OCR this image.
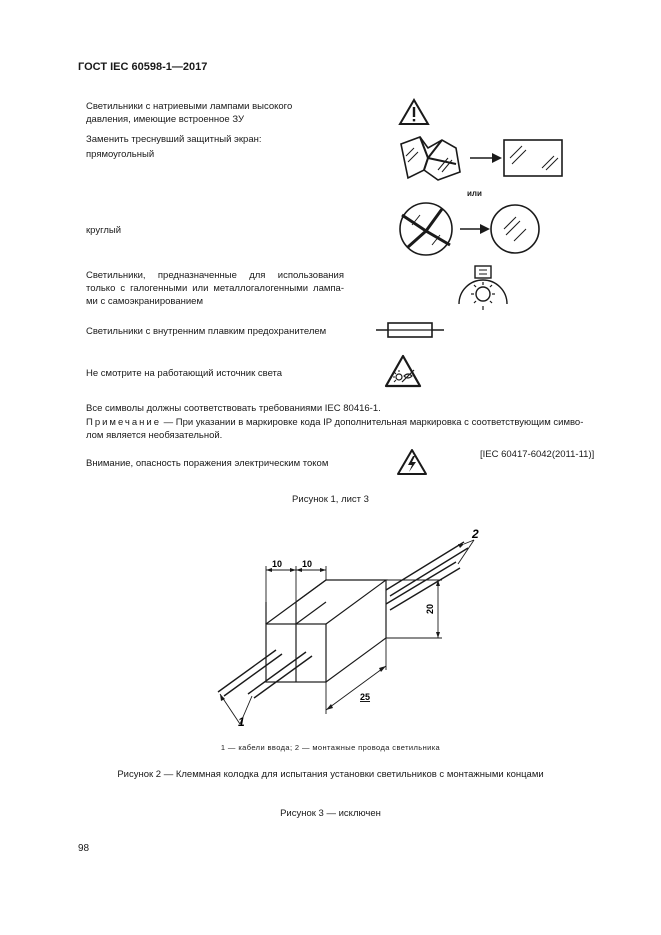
ГОСТ IEC 60598-1—2017
Светильники с натриевыми лампами высокого
давления, имеющие встроенное ЗУ
Заменить треснувший защитный экран:
прямоугольный
или
круглый
Светильники, предназначенные для использования
только с галогенными или металлогалогенными лампа-
ми с самоэкранированием
Светильники с внутренним плавким предохранителем
Не смотрите на работающий источник света
Все символы должны соответствовать требованиями IEC 80416-1.
Примечание — При указании в маркировке кода IP дополнительная маркировка с соответствующим симво-
лом является необязательной.
[IEC 60417-6042(2011-11)]
Внимание, опасность поражения электрическим током
Рисунок 1, лист 3
10 10
20
25
1
2
1 — кабели ввода; 2 — монтажные провода светильника
Рисунок 2 — Клеммная колодка для испытания установки светильников с монтажными концами
Рисунок 3 — исключен
98
